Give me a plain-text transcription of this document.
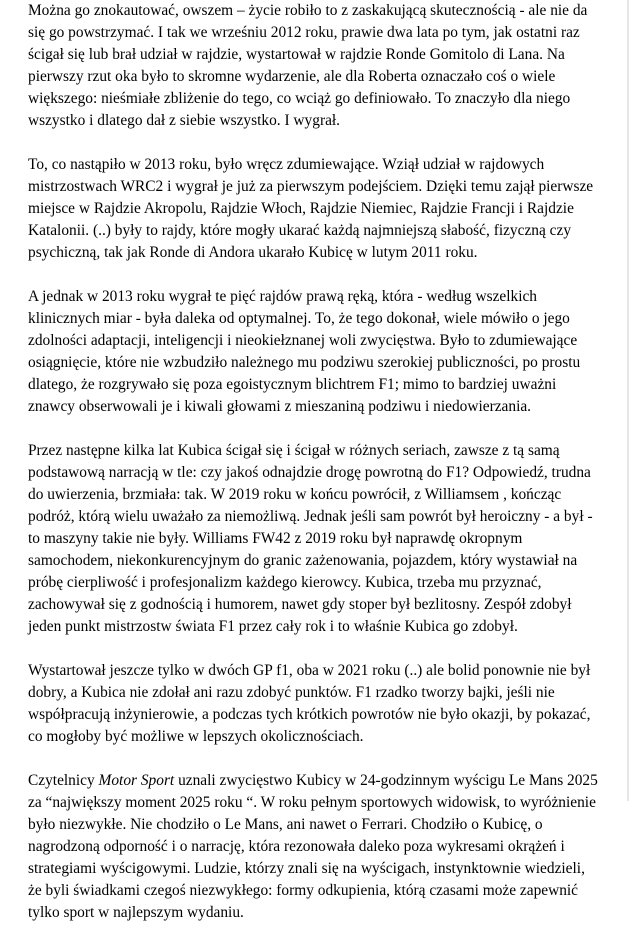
Można go znokautować, owszem – życie robiło to z zaskakującą skutecznością - ale nie da się go powstrzymać. I tak we wrześniu 2012 roku, prawie dwa lata po tym, jak ostatni raz ścigał się lub brał udział w rajdzie, wystartował w rajdzie Ronde Gomitolo di Lana. Na pierwszy rzut oka było to skromne wydarzenie, ale dla Roberta oznaczało coś o wiele większego: nieśmiałe zbliżenie do tego, co wciąż go definiowało. To znaczyło dla niego wszystko i dlatego dał z siebie wszystko. I wygrał.

To, co nastąpiło w 2013 roku, było wręcz zdumiewające. Wziął udział w rajdowych mistrzostwach WRC2 i wygrał je już za pierwszym podejściem. Dzięki temu zajął pierwsze miejsce w Rajdzie Akropolu, Rajdzie Włoch, Rajdzie Niemiec, Rajdzie Francji i Rajdzie Katalonii. (..) były to rajdy, które mogły ukarać każdą najmniejszą słabość, fizyczną czy psychiczną, tak jak Ronde di Andora ukarało Kubicę w lutym 2011 roku.

A jednak w 2013 roku wygrał te pięć rajdów prawą ręką, która - według wszelkich klinicznych miar - była daleka od optymalnej. To, że tego dokonał, wiele mówiło o jego zdolności adaptacji, inteligencji i nieokiełznanej woli zwycięstwa. Było to zdumiewające osiągnięcie, które nie wzbudziło należnego mu podziwu szerokiej publiczności, po prostu dlatego, że rozgrywało się poza egoistycznym blichtrem F1; mimo to bardziej uważni znawcy obserwowali je i kiwali głowami z mieszaniną podziwu i niedowierzania.

Przez następne kilka lat Kubica ścigał się i ścigał w różnych seriach, zawsze z tą samą podstawową narracją w tle: czy jakoś odnajdzie drogę powrotną do F1? Odpowiedź, trudna do uwierzenia, brzmiała: tak. W 2019 roku w końcu powrócił, z Williamsem , kończąc podróż, którą wielu uważało za niemożliwą. Jednak jeśli sam powrót był heroiczny - a był - to maszyny takie nie były. Williams FW42 z 2019 roku był naprawdę okropnym samochodem, niekonkurencyjnym do granic zażenowania, pojazdem, który wystawiał na próbę cierpliwość i profesjonalizm każdego kierowcy. Kubica, trzeba mu przyznać, zachowywał się z godnością i humorem, nawet gdy stoper był bezlitosny. Zespół zdobył jeden punkt mistrzostw świata F1 przez cały rok i to właśnie Kubica go zdobył.

Wystartował jeszcze tylko w dwóch GP f1, oba w 2021 roku (..) ale bolid ponownie nie był dobry, a Kubica nie zdołał ani razu zdobyć punktów. F1 rzadko tworzy bajki, jeśli nie współpracują inżynierowie, a podczas tych krótkich powrotów nie było okazji, by pokazać, co mogłoby być możliwe w lepszych okolicznościach.

Czytelnicy Motor Sport uznali zwycięstwo Kubicy w 24-godzinnym wyścigu Le Mans 2025 za “największy moment 2025 roku “. W roku pełnym sportowych widowisk, to wyróżnienie było niezwykłe. Nie chodziło o Le Mans, ani nawet o Ferrari. Chodziło o Kubicę, o nagrodzoną odporność i o narrację, która rezonowała daleko poza wykresami okrążeń i strategiami wyścigowymi. Ludzie, którzy znali się na wyścigach, instynktownie wiedzieli, że byli świadkami czegoś niezwykłego: formy odkupienia, którą czasami może zapewnić tylko sport w najlepszym wydaniu.
